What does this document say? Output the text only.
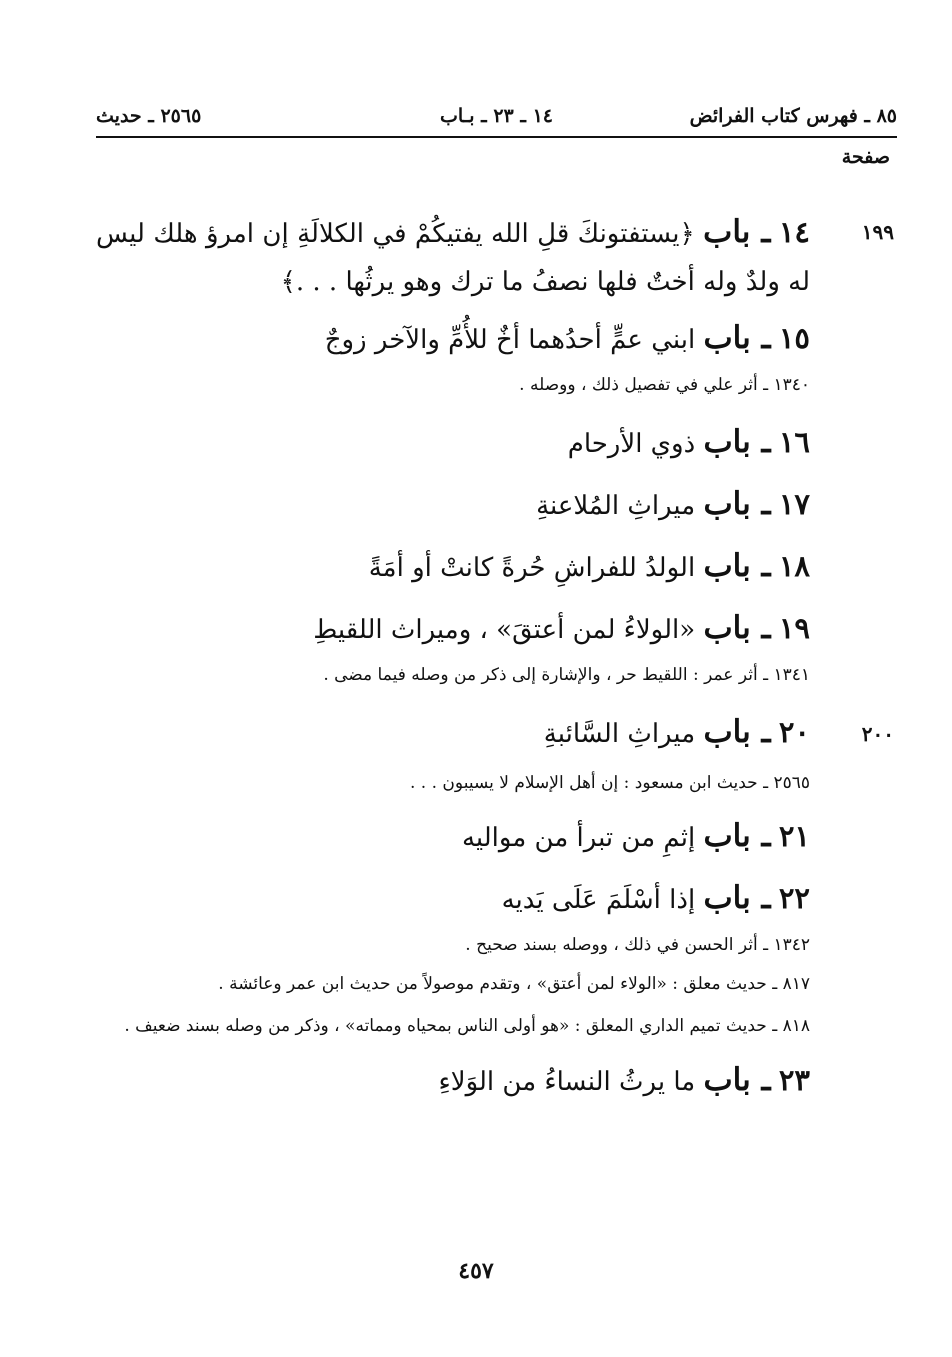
٨٥ ـ فهرس كتاب الفرائض
١٤ ـ ٢٣ ـ بـاب
٢٥٦٥ ـ حديث
صفحة

١٩٩
١٤ ـ باب ﴿يستفتونكَ قلِ الله يفتيكُمْ في الكلالَةِ إن امرؤ هلك ليس له ولدٌ وله أختٌ فلها نصفُ ما ترك وهو يرثُها . . .﴾

١٥ ـ باب ابني عمٍّ أحدُهما أخٌ للأُمِّ والآخر زوجٌ

١٣٤٠ ـ أثر علي في تفصيل ذلك ، ووصله .

١٦ ـ باب ذوي الأرحام

١٧ ـ باب ميراثِ المُلاعنةِ

١٨ ـ باب الولدُ للفراشِ حُرةً كانتْ أو أمَةً

١٩ ـ باب «الولاءُ لمن أعتقَ» ، وميراث اللقيطِ

١٣٤١ ـ أثر عمر : اللقيط حر ، والإشارة إلى ذكر من وصله فيما مضى .

٢٠٠
٢٠ ـ باب ميراثِ السَّائبةِ

٢٥٦٥ ـ حديث ابن مسعود : إن أهل الإسلام لا يسيبون . . .

٢١ ـ باب إثمِ من تبرأ من مواليه

٢٢ ـ باب إذا أسْلَمَ عَلَى يَديه

١٣٤٢ ـ أثر الحسن في ذلك ، ووصله بسند صحيح .

٨١٧ ـ حديث معلق : «الولاء لمن أعتق» ، وتقدم موصولاً من حديث ابن عمر وعائشة .

٨١٨ ـ حديث تميم الداري المعلق : «هو أولى الناس بمحياه ومماته» ، وذكر من وصله بسند ضعيف .

٢٣ ـ باب ما يرثُ النساءُ من الوَلاءِ

٤٥٧
